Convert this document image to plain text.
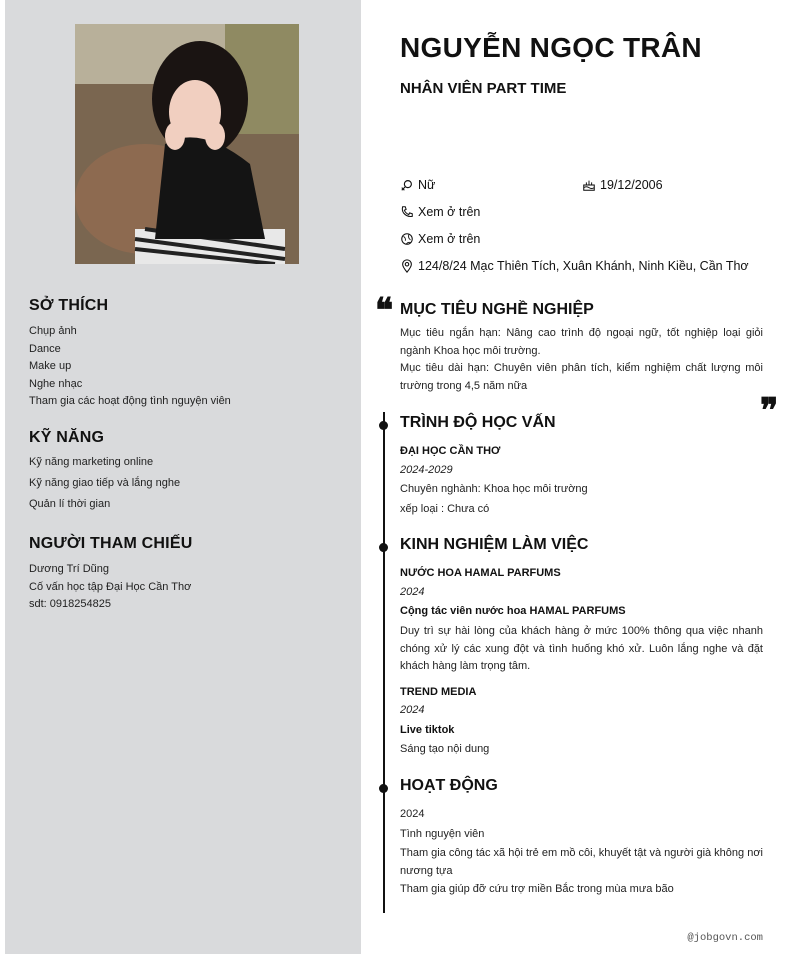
SỞ THÍCH
Chụp ảnh
Dance
Make up
Nghe nhạc
Tham gia các hoạt động tình nguyện viên
KỸ NĂNG
Kỹ năng marketing online
Kỹ năng giao tiếp và lắng nghe
Quản lí thời gian
NGƯỜI THAM CHIẾU
Dương Trí Dũng
Cố vấn học tập Đại Học Cần Thơ
sdt: 0918254825
NGUYỄN NGỌC TRÂN
NHÂN VIÊN PART TIME
Nữ	19/12/2006
Xem ở trên
Xem ở trên
124/8/24 Mạc Thiên Tích, Xuân Khánh, Ninh Kiều, Cần Thơ
❝
❞
MỤC TIÊU NGHỀ NGHIỆP
Mục tiêu ngắn hạn: Nâng cao trình độ ngoại ngữ, tốt nghiệp loại giỏi ngành Khoa học môi trường.
Mục tiêu dài hạn: Chuyên viên phân tích, kiểm nghiệm chất lượng môi trường trong 4,5 năm nữa
TRÌNH ĐỘ HỌC VẤN
ĐẠI HỌC CẦN THƠ
2024-2029
Chuyên nghành: Khoa học môi trường
xếp loại : Chưa có
KINH NGHIỆM LÀM VIỆC
NƯỚC HOA HAMAL PARFUMS
2024
Cộng tác viên nước hoa HAMAL PARFUMS
Duy trì sự hài lòng của khách hàng ở mức 100% thông qua việc nhanh chóng xử lý các xung đột và tình huống khó xử. Luôn lắng nghe và đặt khách hàng làm trọng tâm.
TREND MEDIA
2024
Live tiktok
Sáng tạo nội dung
HOẠT ĐỘNG
2024
Tình nguyện viên
Tham gia công tác xã hội trẻ em mồ côi, khuyết tật và người già không nơi nương tựa
Tham gia giúp đỡ cứu trợ miền Bắc trong mùa mưa bão
@jobgovn.com
